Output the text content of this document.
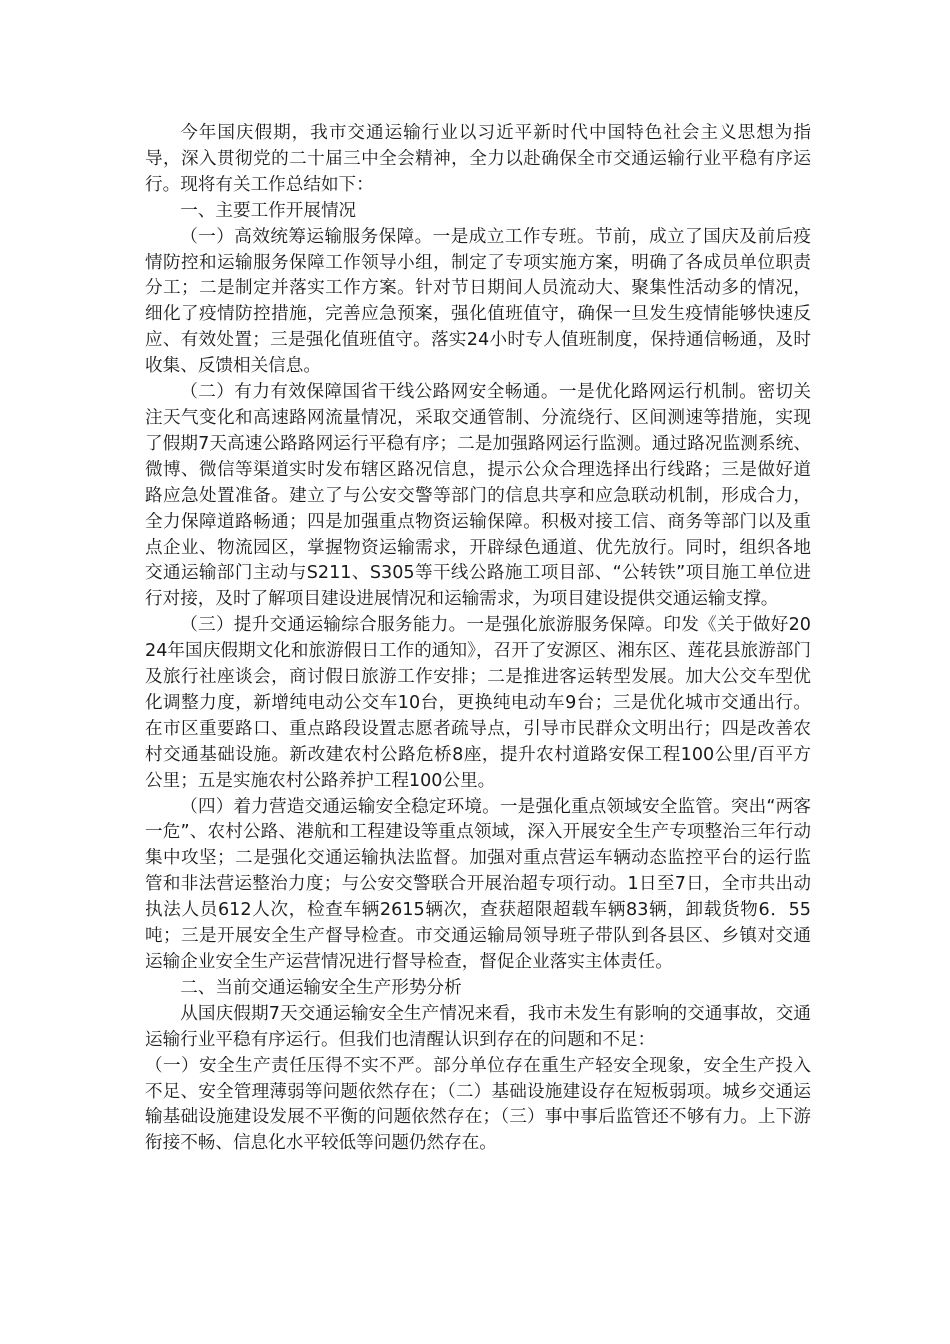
今年国庆假期，我市交通运输行业以习近平新时代中国特色社会主义思想为指导，深入贯彻党的二十届三中全会精神，全力以赴确保全市交通运输行业平稳有序运行。现将有关工作总结如下：

一、主要工作开展情况

（一）高效统筹运输服务保障。一是成立工作专班。节前，成立了国庆及前后疫情防控和运输服务保障工作领导小组，制定了专项实施方案，明确了各成员单位职责分工；二是制定并落实工作方案。针对节日期间人员流动大、聚集性活动多的情况，细化了疫情防控措施，完善应急预案，强化值班值守，确保一旦发生疫情能够快速反应、有效处置；三是强化值班值守。落实24小时专人值班制度，保持通信畅通，及时收集、反馈相关信息。

（二）有力有效保障国省干线公路网安全畅通。一是优化路网运行机制。密切关注天气变化和高速路网流量情况，采取交通管制、分流绕行、区间测速等措施，实现了假期7天高速公路路网运行平稳有序；二是加强路网运行监测。通过路况监测系统、微博、微信等渠道实时发布辖区路况信息，提示公众合理选择出行线路；三是做好道路应急处置准备。建立了与公安交警等部门的信息共享和应急联动机制，形成合力，全力保障道路畅通；四是加强重点物资运输保障。积极对接工信、商务等部门以及重点企业、物流园区，掌握物资运输需求，开辟绿色通道、优先放行。同时，组织各地交通运输部门主动与S211、S305等干线公路施工项目部、“公转铁”项目施工单位进行对接，及时了解项目建设进展情况和运输需求，为项目建设提供交通运输支撑。

（三）提升交通运输综合服务能力。一是强化旅游服务保障。印发《关于做好2024年国庆假期文化和旅游假日工作的通知》，召开了安源区、湘东区、莲花县旅游部门及旅行社座谈会，商讨假日旅游工作安排；二是推进客运转型发展。加大公交车型优化调整力度，新增纯电动公交车10台，更换纯电动车9台；三是优化城市交通出行。在市区重要路口、重点路段设置志愿者疏导点，引导市民群众文明出行；四是改善农村交通基础设施。新改建农村公路危桥8座，提升农村道路安保工程100公里/百平方公里；五是实施农村公路养护工程100公里。

（四）着力营造交通运输安全稳定环境。一是强化重点领域安全监管。突出“两客一危”、农村公路、港航和工程建设等重点领域，深入开展安全生产专项整治三年行动集中攻坚；二是强化交通运输执法监督。加强对重点营运车辆动态监控平台的运行监管和非法营运整治力度；与公安交警联合开展治超专项行动。1日至7日，全市共出动执法人员612人次，检查车辆2615辆次，查获超限超载车辆83辆，卸载货物6．55吨；三是开展安全生产督导检查。市交通运输局领导班子带队到各县区、乡镇对交通运输企业安全生产运营情况进行督导检查，督促企业落实主体责任。

二、当前交通运输安全生产形势分析

从国庆假期7天交通运输安全生产情况来看，我市未发生有影响的交通事故，交通运输行业平稳有序运行。但我们也清醒认识到存在的问题和不足：

（一）安全生产责任压得不实不严。部分单位存在重生产轻安全现象，安全生产投入不足、安全管理薄弱等问题依然存在；（二）基础设施建设存在短板弱项。城乡交通运输基础设施建设发展不平衡的问题依然存在；（三）事中事后监管还不够有力。上下游衔接不畅、信息化水平较低等问题仍然存在。
